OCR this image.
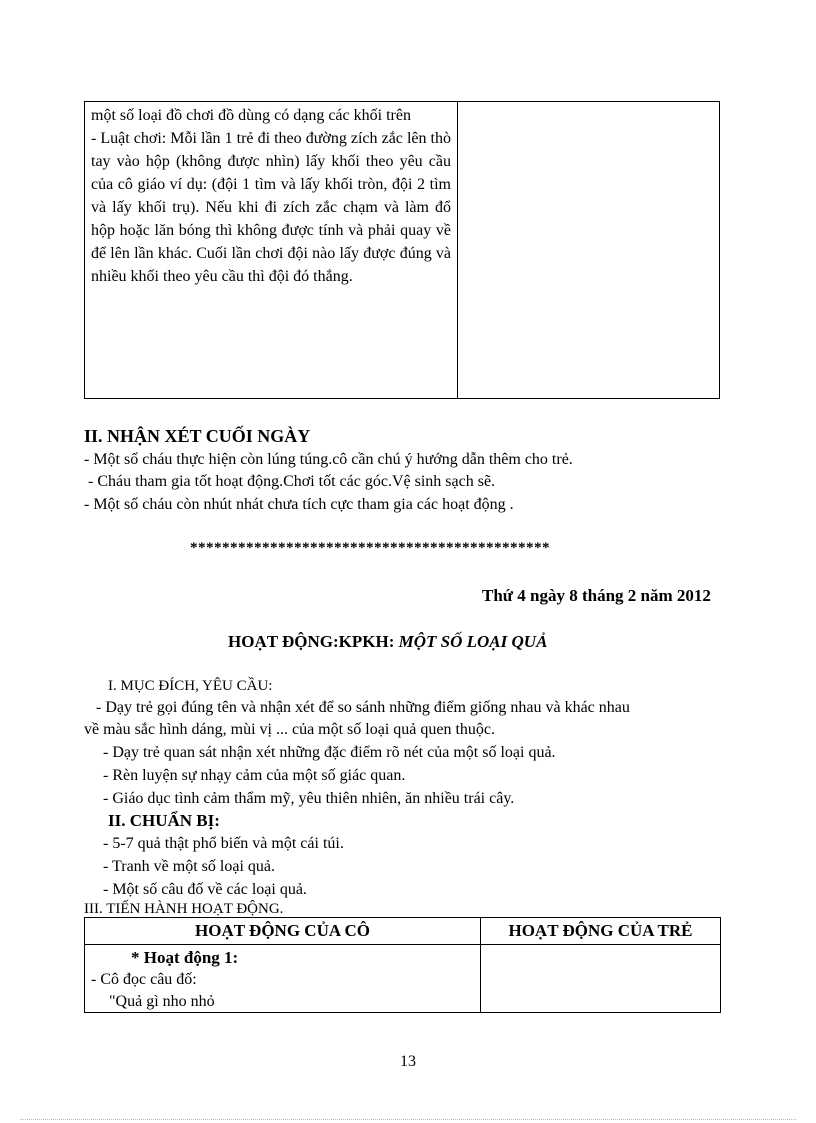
một số loại đồ chơi đồ dùng có dạng các khối trên

- Luật chơi: Mỗi lần 1 trẻ đi theo đường zích zắc lên thò tay vào hộp (không được nhìn) lấy khối theo yêu cầu của cô giáo ví dụ: (đội 1 tìm và lấy khối tròn, đội 2 tìm và lấy khối trụ). Nếu khi đi zích zắc chạm và làm đổ hộp hoặc lăn bóng thì không được tính và phải quay về để lên lần khác. Cuối lần chơi đội nào lấy được đúng và nhiều khối theo yêu cầu thì đội đó thắng.

II. NHẬN XÉT CUỐI NGÀY
- Một số cháu thực hiện còn lúng túng.cô cần chú ý hướng dẫn thêm cho trẻ.
- Cháu tham gia tốt hoạt động.Chơi tốt các góc.Vệ sinh sạch sẽ.
- Một số cháu còn nhút nhát chưa tích cực tham gia các hoạt động .
*********************************************
Thứ 4 ngày 8 tháng 2 năm 2012
HOẠT ĐỘNG:KPKH: MỘT SỐ LOẠI QUẢ
I. MỤC ĐÍCH, YÊU CẦU:
- Dạy trẻ gọi đúng tên và nhận xét để so sánh những điểm giống nhau và khác nhau
về màu sắc hình dáng, mùi vị ... của một số loại quả quen thuộc.
- Dạy trẻ quan sát nhận xét những đặc điểm rõ nét của một số loại quả.
- Rèn luyện sự nhạy cảm của một số giác quan.
- Giáo dục tình cảm thẩm mỹ, yêu thiên nhiên, ăn nhiều trái cây.
II. CHUẨN BỊ:
- 5-7 quả thật phổ biến và một cái túi.
- Tranh về một số loại quả.
- Một số câu đố về các loại quả.
III. TIẾN HÀNH HOẠT ĐỘNG.
HOẠT ĐỘNG CỦA CÔ	HOẠT ĐỘNG CỦA TRẺ
* Hoạt động 1:
- Cô đọc câu đố:
"Quả gì nho nhỏ
13
